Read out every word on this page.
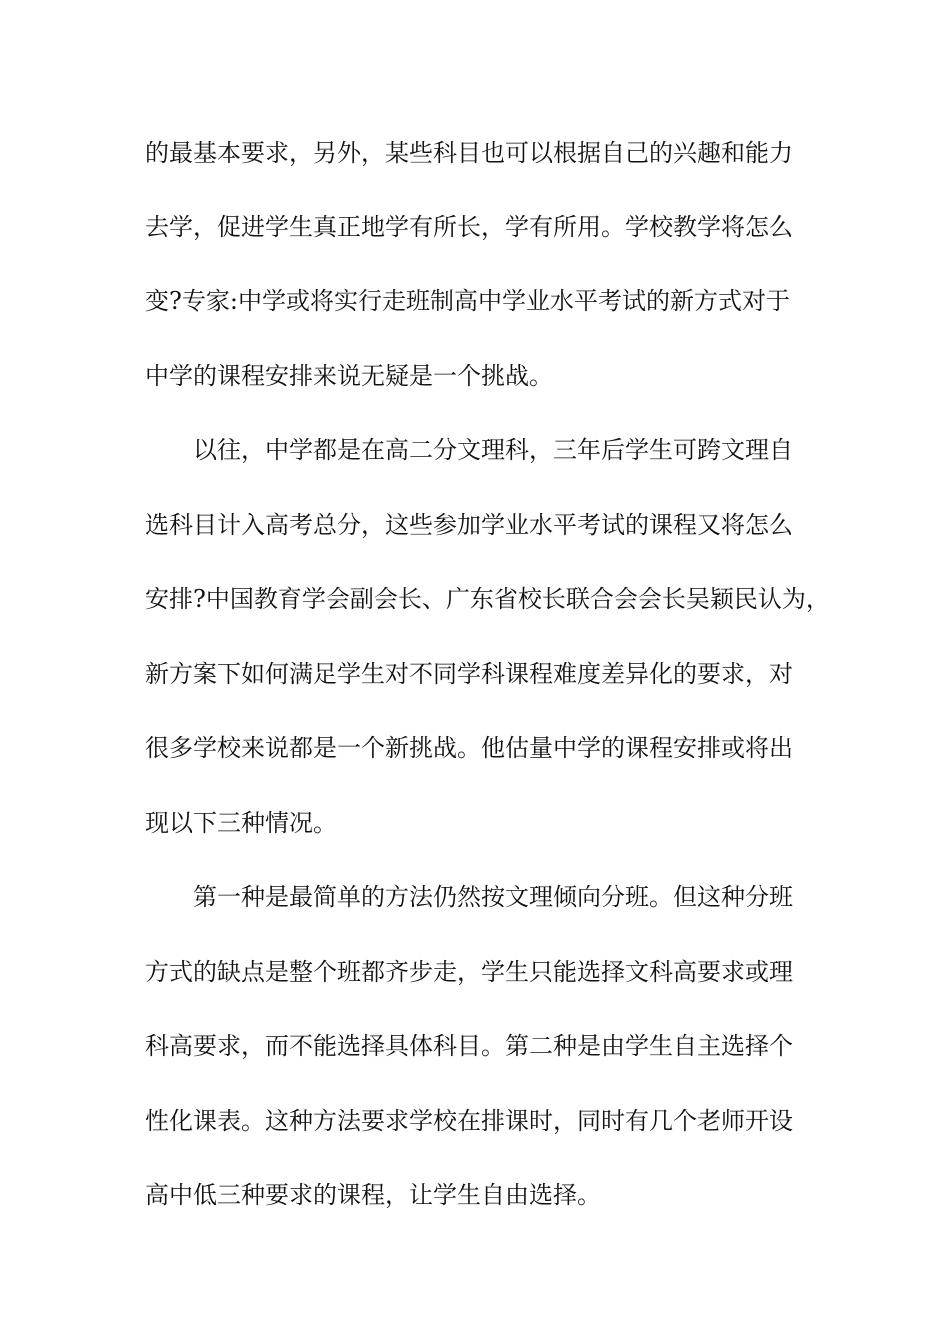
的最基本要求，另外，某些科目也可以根据自己的兴趣和能力
去学，促进学生真正地学有所长，学有所用。学校教学将怎么
变?专家:中学或将实行走班制高中学业水平考试的新方式对于
中学的课程安排来说无疑是一个挑战。
以往，中学都是在高二分文理科，三年后学生可跨文理自
选科目计入高考总分，这些参加学业水平考试的课程又将怎么
安排?中国教育学会副会长、广东省校长联合会会长吴颖民认为，
新方案下如何满足学生对不同学科课程难度差异化的要求，对
很多学校来说都是一个新挑战。他估量中学的课程安排或将出
现以下三种情况。
第一种是最简单的方法仍然按文理倾向分班。但这种分班
方式的缺点是整个班都齐步走，学生只能选择文科高要求或理
科高要求，而不能选择具体科目。第二种是由学生自主选择个
性化课表。这种方法要求学校在排课时，同时有几个老师开设
高中低三种要求的课程，让学生自由选择。
